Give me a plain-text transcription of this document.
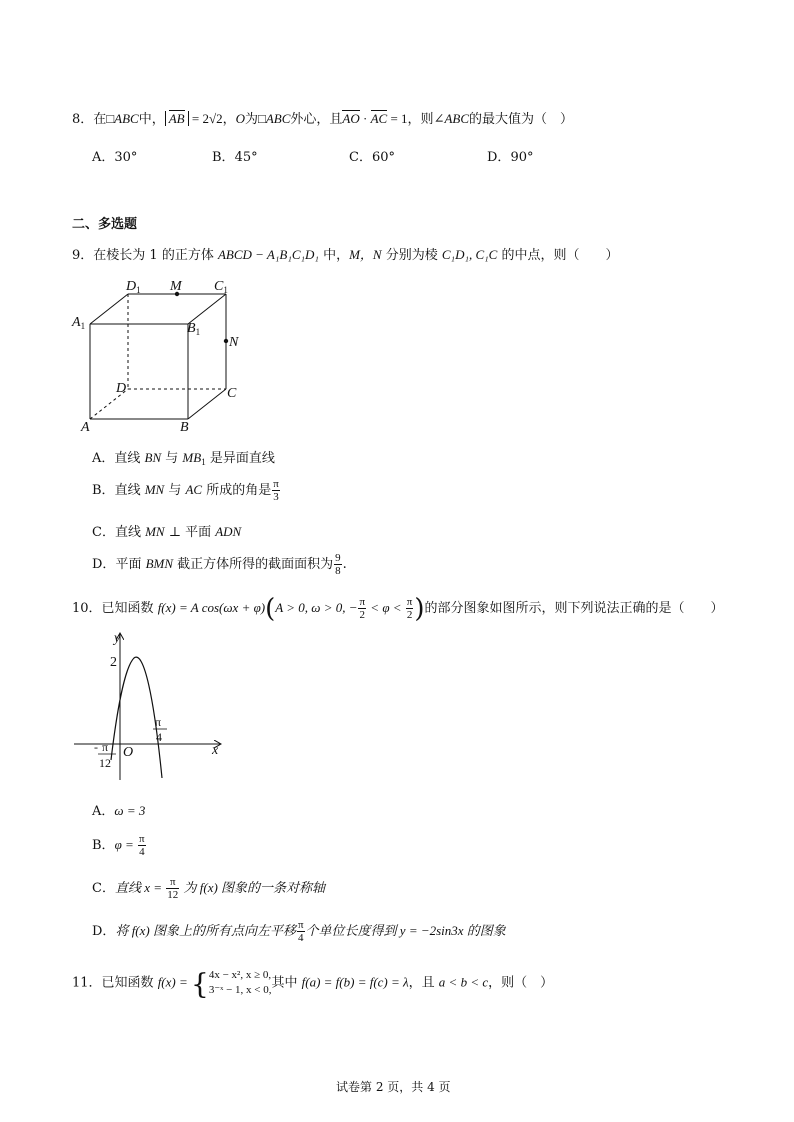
8．在□ABC中， AB = 2√2，O为□ABC外心，且AO · AC = 1，则∠ABC的最大值为（　）
A．30°	B．45°	C．60°	D．90°
二、多选题
9．在棱长为 1 的正方体 ABCD − A₁B₁C₁D₁ 中，M，N 分别为棱 C₁D₁, C₁C 的中点，则（　　）
$D_1$ M $C_1$
$A_1$	$B_1$
N
D	C
A	B
A．直线 BN 与 $MB_1$ 是异面直线
B．直线 MN 与 AC 所成的角是 $\frac{\pi}{3}$
C．直线 MN ⊥ 平面 ADN
D．平面 BMN 截正方体所得的截面面积为 $\frac{9}{8}$ .
10．已知函数 f(x) = A cos(ωx + φ)(A > 0, ω > 0, − $\frac{\pi}{2} < \varphi < \frac{\pi}{2}$ )的部分图象如图所示，则下列说法正确的是（　　）
y
2
x
O
π
4
- π
12
A．ω = 3
B．$\varphi = \frac{\pi}{4}$
C．直线 $x = \frac{\pi}{12}$ 为 f(x) 图象的一条对称轴
D．将 f(x) 图象上的所有点向左平移 $\frac{\pi}{4}$ 个单位长度得到 y = −2sin3x 的图象
11．已知函数 f(x) = { 4x − x², x ≥ 0,
3⁻ˣ − 1, x < 0, 其中 f(a) = f(b) = f(c) = λ，且 a < b < c，则（　）
试卷第 2 页，共 4 页
